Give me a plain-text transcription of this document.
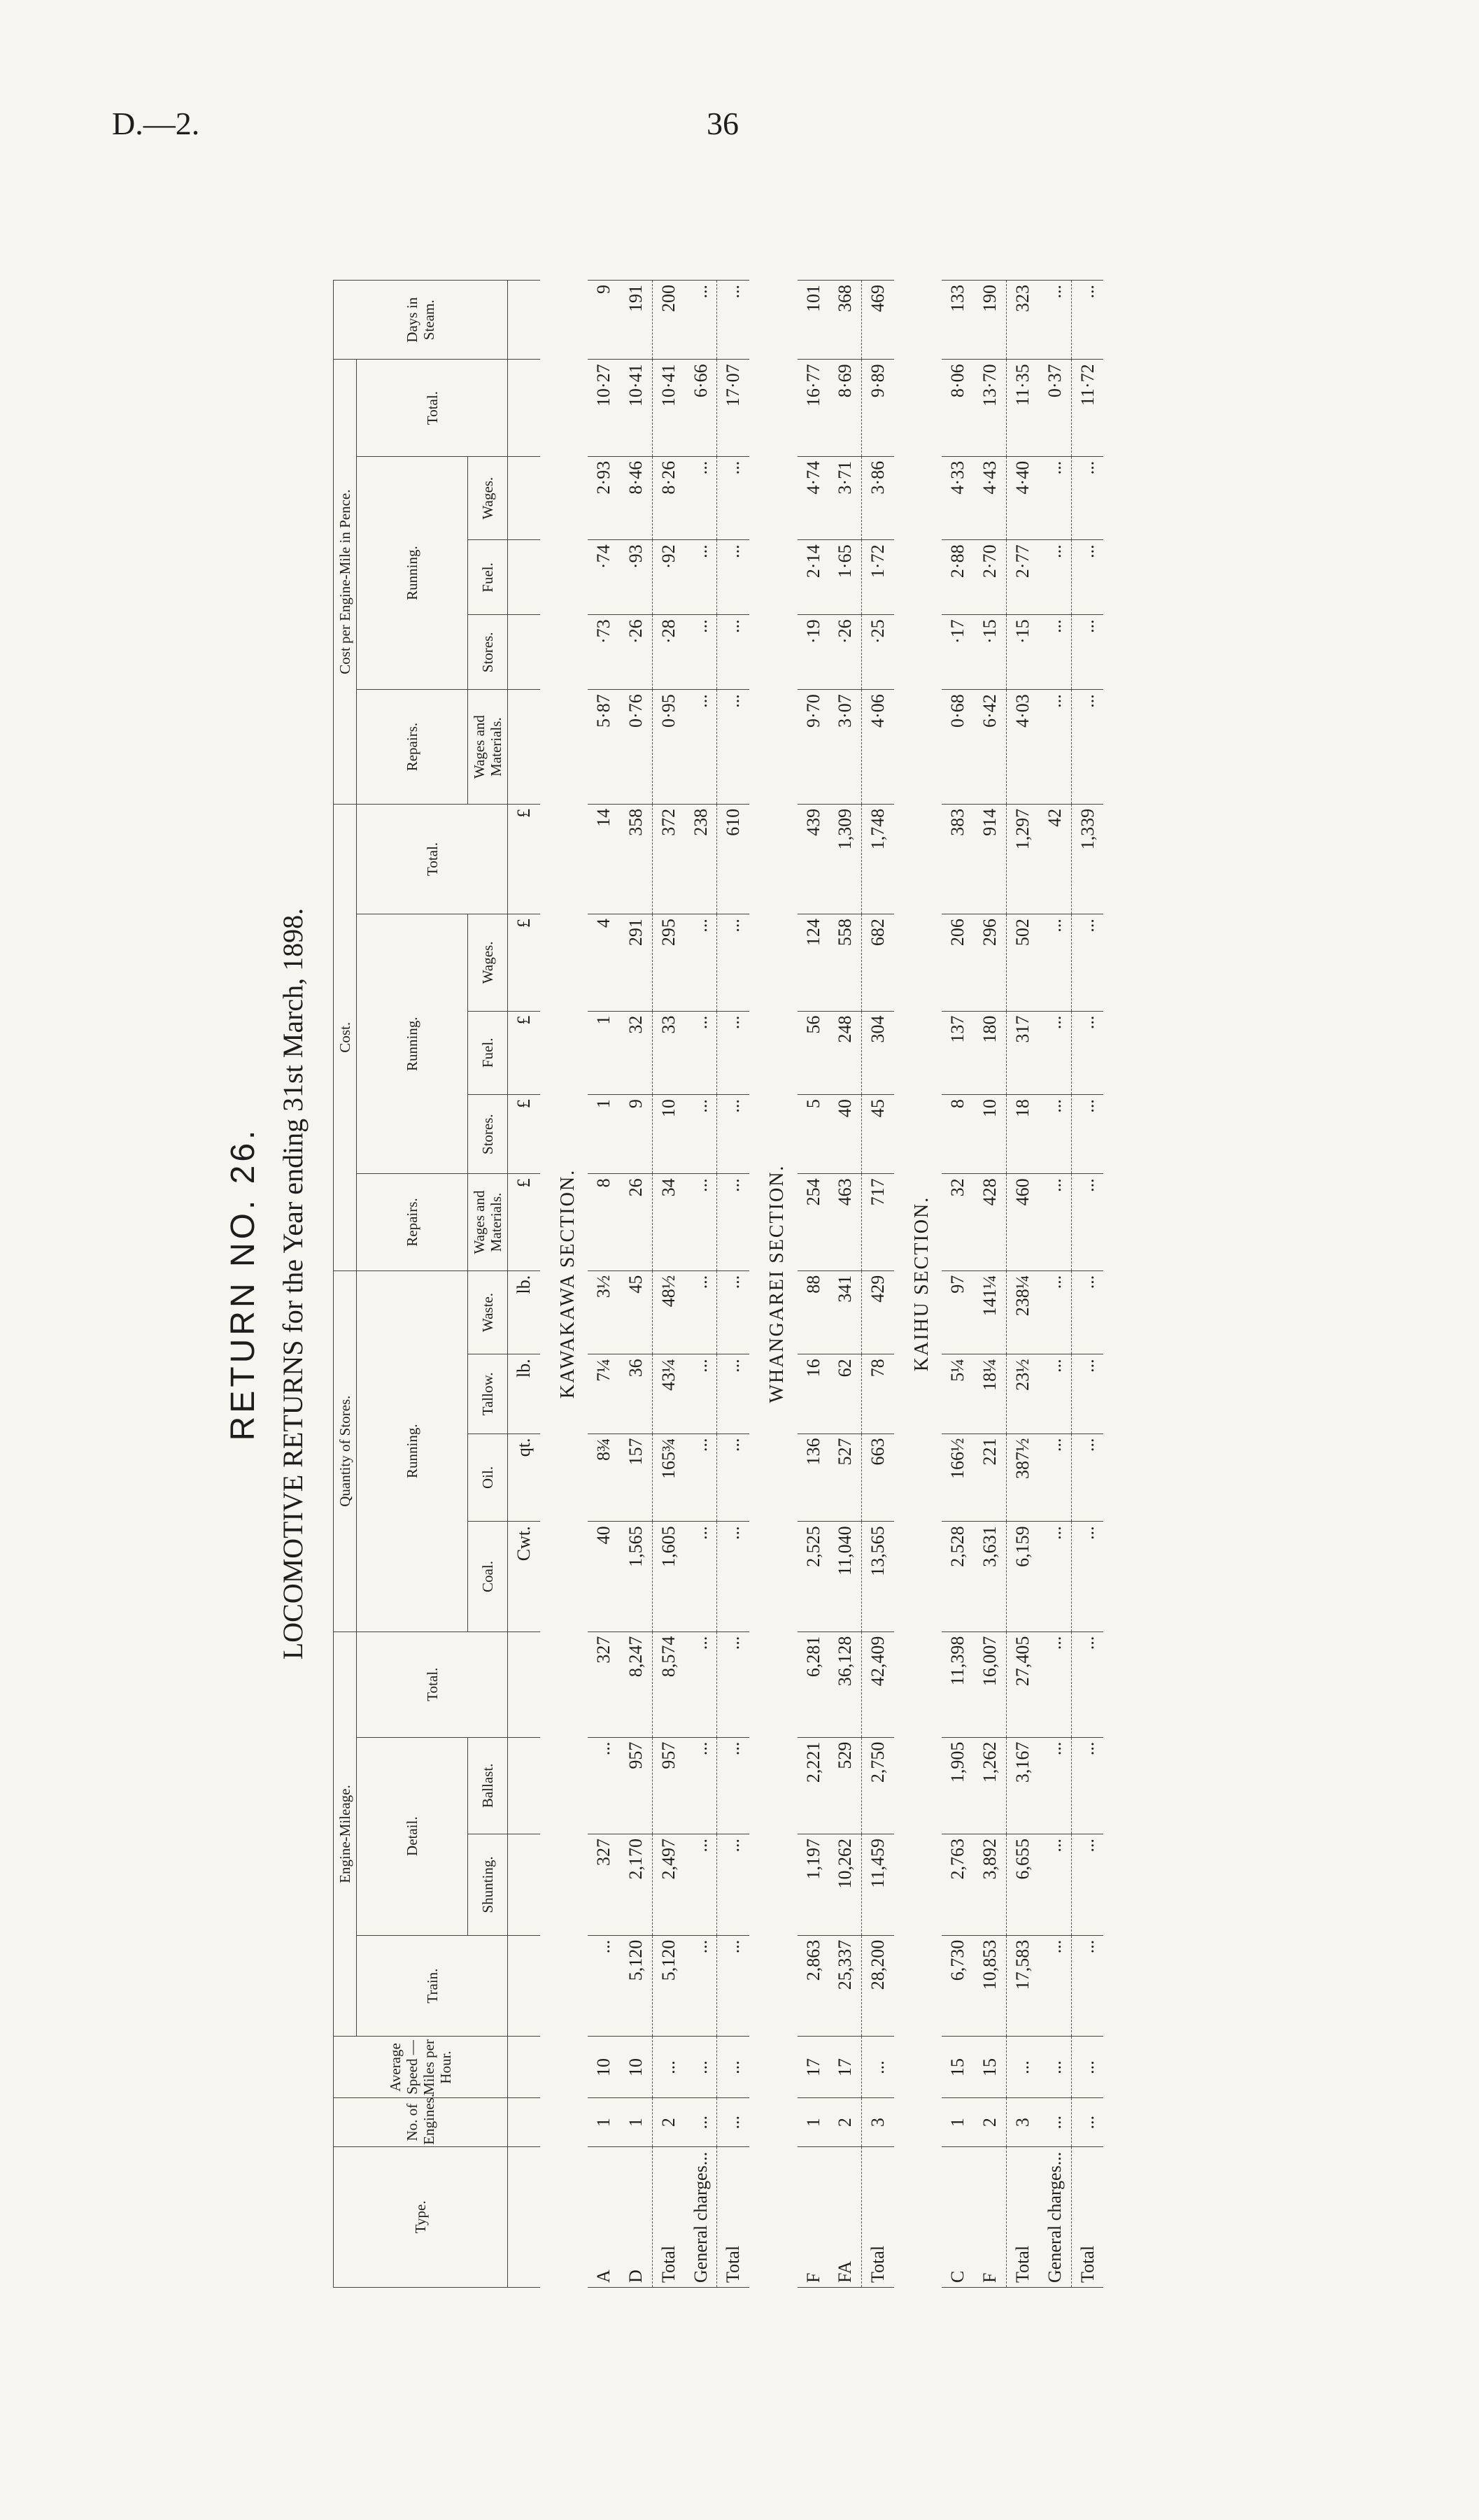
D.—2.	36
RETURN NO. 26. LOCOMOTIVE RETURNS for the Year ending 31st March, 1898.
Type.	No. of Engines.	Average Speed — Miles per Hour.	Engine-Mileage.				Quantity of Stores.				Cost.					Cost per Engine-Mile in Pence.					Days in Steam.
			Train.	Detail.		Total.	Running.				Repairs.	Running.			Total.	Repairs.	Running.			Total.	
				Shunting.	Ballast.		Coal.	Oil.	Tallow.	Waste.	Wages and Materials.	Stores.	Fuel.	Wages.		Wages and Materials.	Stores.	Fuel.	Wages.		
							Cwt.	qt.	lb.	lb.	£	£	£	£	£						
KAWAKAWA SECTION.																					
A	1	10	...	327	...	327	40	8¾	7¼	3½	8	1	1	4	14	5·87	·73	·74	2·93	10·27	9
D	1	10	5,120	2,170	957	8,247	1,565	157	36	45	26	9	32	291	358	0·76	·26	·93	8·46	10·41	191
Total	2	...	5,120	2,497	957	8,574	1,605	165¾	43¼	48½	34	10	33	295	372	0·95	·28	·92	8·26	10·41	200
General charges...	...	...	...	...	...	...	...	...	...	...	...	...	...	...	238	...	...	...	...	6·66	...
Total	...	...	...	...	...	...	...	...	...	...	...	...	...	...	610	...	...	...	...	17·07	...
WHANGAREI SECTION.																					
F	1	17	2,863	1,197	2,221	6,281	2,525	136	16	88	254	5	56	124	439	9·70	·19	2·14	4·74	16·77	101
FA	2	17	25,337	10,262	529	36,128	11,040	527	62	341	463	40	248	558	1,309	3·07	·26	1·65	3·71	8·69	368
Total	3	...	28,200	11,459	2,750	42,409	13,565	663	78	429	717	45	304	682	1,748	4·06	·25	1·72	3·86	9·89	469
KAIHU SECTION.																					
C	1	15	6,730	2,763	1,905	11,398	2,528	166½	5¼	97	32	8	137	206	383	0·68	·17	2·88	4·33	8·06	133
F	2	15	10,853	3,892	1,262	16,007	3,631	221	18¼	141¼	428	10	180	296	914	6·42	·15	2·70	4·43	13·70	190
Total	3	...	17,583	6,655	3,167	27,405	6,159	387½	23½	238¼	460	18	317	502	1,297	4·03	·15	2·77	4·40	11·35	323
General charges...	...	...	...	...	...	...	...	...	...	...	...	...	...	...	42	...	...	...	...	0·37	...
Total	...	...	...	...	...	...	...	...	...	...	...	...	...	...	1,339	...	...	...	...	11·72	...
